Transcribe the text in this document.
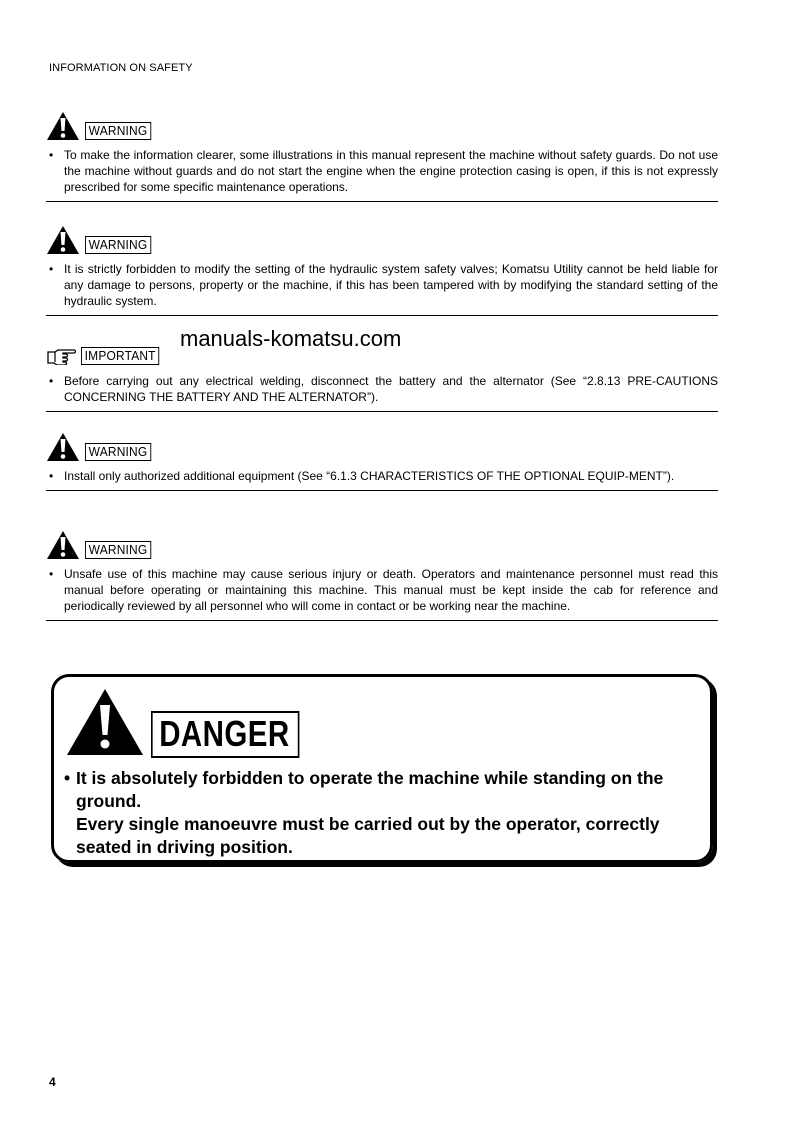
INFORMATION ON SAFETY
WARNING
• To make the information clearer, some illustrations in this manual represent the machine without safety guards. Do not use the machine without guards and do not start the engine when the engine protection casing is open, if this is not expressly prescribed for some specific maintenance operations.
WARNING
• It is strictly forbidden to modify the setting of the hydraulic system safety valves; Komatsu Utility cannot be held liable for any damage to persons, property or the machine, if this has been tampered with by modifying the standard setting of the hydraulic system.
manuals-komatsu.com
IMPORTANT
• Before carrying out any electrical welding, disconnect the battery and the alternator (See “2.8.13 PRE-CAUTIONS CONCERNING THE BATTERY AND THE ALTERNATOR”).
WARNING
• Install only authorized additional equipment (See “6.1.3 CHARACTERISTICS OF THE OPTIONAL EQUIP-MENT”).
WARNING
• Unsafe use of this machine may cause serious injury or death. Operators and maintenance personnel must read this manual before operating or maintaining this machine. This manual must be kept inside the cab for reference and periodically reviewed by all personnel who will come in contact or be working near the machine.
DANGER
• It is absolutely forbidden to operate the machine while standing on the ground.
Every single manoeuvre must be carried out by the operator, correctly seated in driving position.
4
